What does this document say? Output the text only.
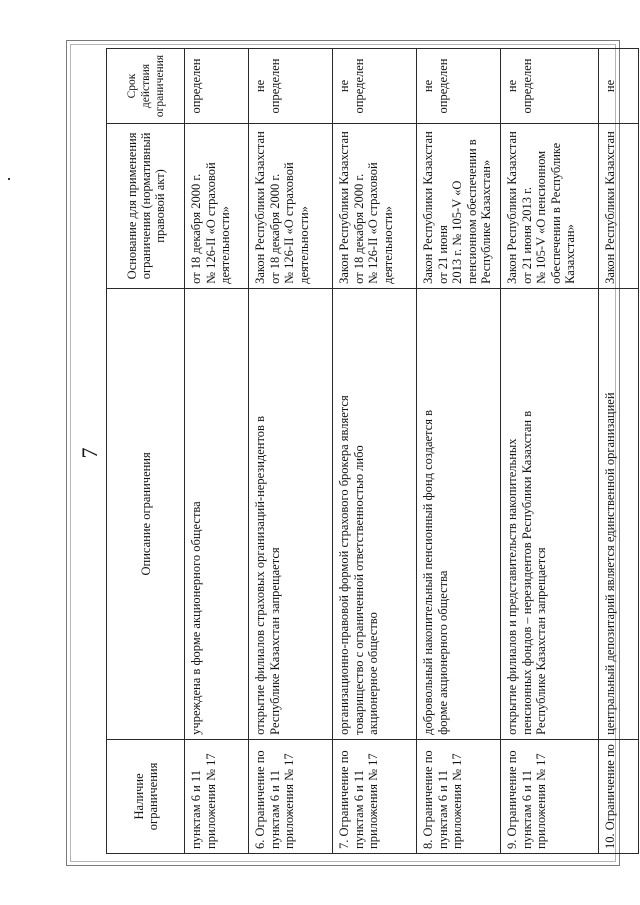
7
Наличие ограничения	Описание ограничения	Основание для применения ограничения (нормативный правовой акт)	Срок действия ограничения

пунктам 6 и 11
приложения № 17	учреждена в форме акционерного общества	от 18 декабря 2000 г.
№ 126-II «О страховой
деятельности»	определен

6. Ограничение по
пунктам 6 и 11
приложения № 17	открытие филиалов страховых организаций-нерезидентов в
Республике Казахстан запрещается	Закон Республики Казахстан
от 18 декабря 2000 г.
№ 126-II «О страховой
деятельности»	не
определен

7. Ограничение по
пунктам 6 и 11
приложения № 17	организационно-правовой формой страхового брокера является
товарищество с ограниченной ответственностью либо
акционерное общество	Закон Республики Казахстан
от 18 декабря 2000 г.
№ 126-II «О страховой
деятельности»	не
определен

8. Ограничение по
пунктам 6 и 11
приложения № 17	добровольный накопительный пенсионный фонд создается в
форме акционерного общества	Закон Республики Казахстан
от 21 июня
2013 г. № 105-V «О
пенсионном обеспечении в
Республике Казахстан»	не
определен

9. Ограничение по
пунктам 6 и 11
приложения № 17	открытие филиалов и представительств накопительных
пенсионных фондов – нерезидентов Республики Казахстан в
Республике Казахстан запрещается	Закон Республики Казахстан
от 21 июня 2013 г.
№ 105-V «О пенсионном
обеспечении в Республике
Казахстан»	не
определен

10. Ограничение по	центральный депозитарий является единственной организацией	Закон Республики Казахстан	не
